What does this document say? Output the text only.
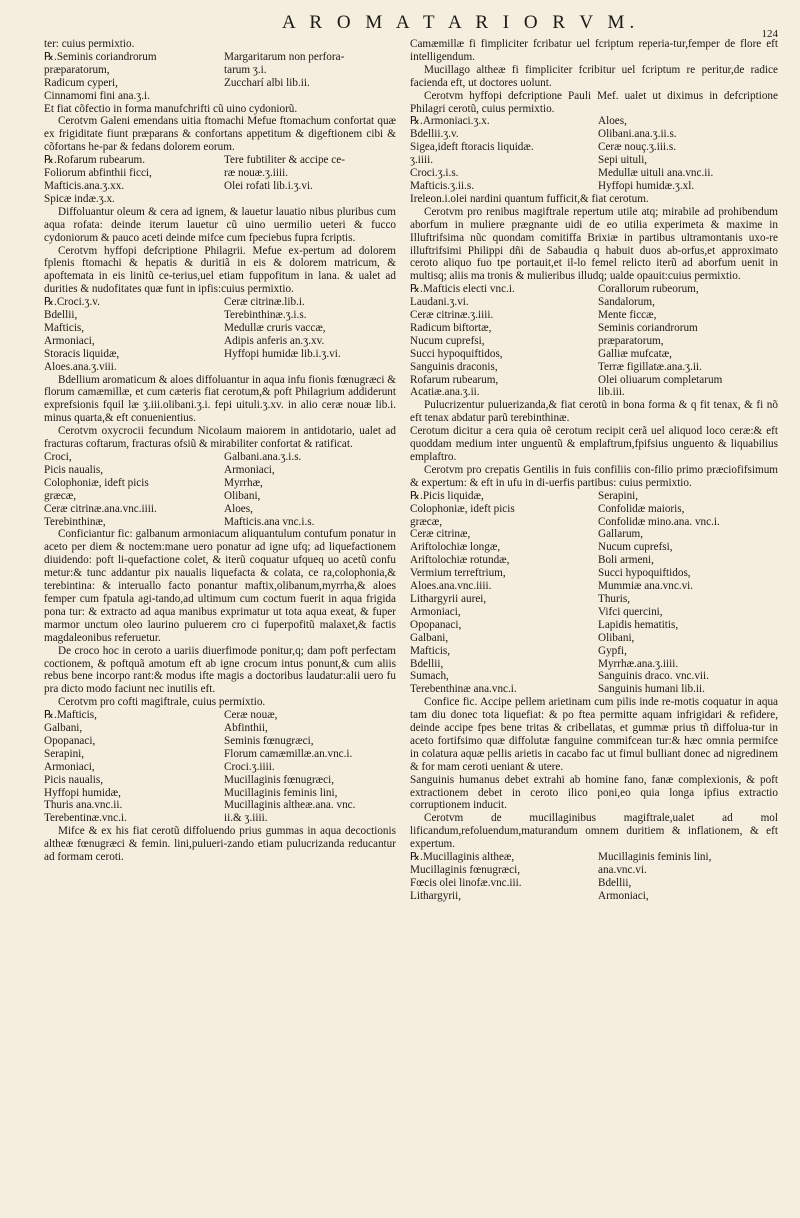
A R O M A T A R I O R V M.
124

ter: cuius permixtio.

℞.Seminis coriandrorum	Margaritarum non perfora-
præparatorum,	tarum ʒ.i.
Radicum cyperi,	Zuccharí albi lib.ii.
Cinnamomi fini ana.ʒ.i.

Et fiat cõfectio in forma manufchrifti cũ uino cydoniorũ.

Cerotvm Galeni emendans uitia ftomachi Mefue ftomachum confortat quæ ex frigiditate fiunt præparans & confortans appetitum & digeftionem cibi & cõfortans he-par & fedans dolorem eorum.

℞.Rofarum rubearum.	Tere fubtiliter & accipe ce-
Foliorum abfinthii ficci,	ræ nouæ.ʒ.iiii.
Mafticis.ana.ʒ.xx.	Olei rofati lib.i.ʒ.vi.
Spicæ indæ.ʒ.x.

Diffoluantur oleum & cera ad ignem, & lauetur lauatio nibus pluribus cum aqua rofata: deinde iterum lauetur cũ uino uermilio ueteri & fucco cydoniorum & pauco aceti deinde mifce cum fpeciebus fupra fcriptis.

Cerotvm hyffopi defcriptione Philagrii. Mefue ex-pertum ad dolorem fplenis ftomachi & hepatis & duritiã in eis & dolorem matricum, & apoftemata in eis linitũ ce-terius,uel etiam fuppofitum in lana. & ualet ad durities & nudofitates quæ funt in ipfis:cuius permixtio.

℞.Croci.ʒ.v.	Ceræ citrinæ.lib.i.
Bdellii,	Terebinthinæ.ʒ.i.s.
Mafticis,	Medullæ cruris vaccæ,
Armoniaci,	Adipis anferis an.ʒ.xv.
Storacis liquidæ,	Hyffopi humidæ lib.i.ʒ.vi.
Aloes.ana.ʒ.viii.

Bdellium aromaticum & aloes diffoluantur in aqua infu fionis fœnugræci & florum camæmillæ, et cum cæteris fiat cerotum,& poft Philagrium addiderunt exprefsionis fquil læ ʒ.iii.olibani.ʒ.i. fepi uituli.ʒ.xv. in alio ceræ nouæ lib.i. minus quarta,& eft conuenientius.

Cerotvm oxycrocii fecundum Nicolaum maiorem in antidotario, ualet ad fracturas coftarum, fracturas ofsiũ & mirabiliter confortat & ratificat.

Croci,	Galbani.ana.ʒ.i.s.
Picis naualis,	Armoniaci,
Colophoniæ, ideft picis	Myrrhæ,
græcæ,	Olibani,
Ceræ citrinæ.ana.vnc.iiii.	Aloes,
Terebinthinæ,	Mafticis.ana vnc.i.s.

Conficiantur fic: galbanum armoniacum aliquantulum contufum ponatur in aceto per diem & noctem:mane uero ponatur ad igne ufq; ad liquefactionem diuidendo: poft li-quefactione colet, & iterũ coquatur ufqueq uo acetũ confu metur:& tunc addantur pix naualis liquefacta & colata, ce ra,colophonia,& terebintina: & interuallo facto ponantur maftix,olibanum,myrrha,& aloes femper cum fpatula agi-tando,ad ultimum cum coctum fuerit in aqua frigida pona tur: & extracto ad aqua manibus exprimatur ut tota aqua exeat, & fuper marmor unctum oleo laurino puluerem cro ci fuperpofitũ malaxet,& factis magdaleonibus referuetur.

De croco hoc in ceroto a uariis diuerfimode ponitur,q; dam poft perfectam coctionem, & poftquã amotum eft ab igne crocum intus ponunt,& cum aliis rebus bene incorpo rant:& modus ifte magis a doctoribus laudatur:alii uero fu pra dicto modo faciunt nec inutilis eft.

Cerotvm pro cofti magiftrale, cuius permixtio.

℞.Mafticis,	Ceræ nouæ,
Galbani,	Abfinthii,
Opopanaci,	Seminis fœnugræci,
Serapini,	Florum camæmillæ.an.vnc.i.
Armoniaci,	Croci.ʒ.iiii.
Picis naualis,	Mucillaginis fœnugræci,
Hyffopi humidæ,	Mucillaginis feminis lini,
Thuris ana.vnc.ii.	Mucillaginis altheæ.ana. vnc.
Terebentinæ.vnc.i.	ii.& ʒ.iiii.

Mifce & ex his fiat cerotũ diffoluendo prius gummas in aqua decoctionis altheæ fœnugræci & femin. lini,pulueri-zando etiam pulucrizanda reducantur ad formam ceroti.

Camæmillæ fi fimpliciter fcribatur uel fcriptum reperia-tur,femper de flore eft intelligendum.

Mucillago altheæ fi fimpliciter fcribitur uel fcriptum re peritur,de radice facienda eft, ut doctores uolunt.

Cerotvm hyffopi defcriptione Pauli Mef. ualet ut diximus in defcriptione Philagri cerotũ, cuius permixtio.

℞.Armoniaci.ʒ.x.	Aloes,
Bdellii.ʒ.v.	Olibani.ana.ʒ.ii.s.
Sigea,ideft ftoracis liquidæ.	Ceræ nouç.ʒ.iii.s.
ʒ.iiii.	Sepi uituli,
Croci.ʒ.i.s.	Medullæ uituli ana.vnc.ii.
Mafticis.ʒ.ii.s.	Hyffopi humidæ.ʒ.xl.

Ireleon.i.olei nardini quantum fufficit,& fiat cerotum.

Cerotvm pro renibus magiftrale repertum utile atq; mirabile ad prohibendum aborfum in muliere prægnante uidi de eo utilia experimeta & maxime in Illuftrifsima nũc quondam comitiffa Brixiæ in partibus ultramontanis uxo-re illuftrifsimi Philippi dñi de Sabaudia q habuit duos ab-orfus,et approximato ceroto aliquo fuo tpe portauit,et il-lo femel relicto iterũ ad aborfum uenit in multisq; aliis ma tronis & mulieribus illudq; ualde opauit:cuius permixtio.

℞.Mafticis electi vnc.i.	Corallorum rubeorum,
Laudani.ʒ.vi.	Sandalorum,
Ceræ citrinæ.ʒ.iiii.	Mente ficcæ,
Radicum biftortæ,	Seminis coriandrorum
Nucum cuprefsi,	præparatorum,
Succi hypoquiftidos,	Galliæ mufcatæ,
Sanguinis draconis,	Terræ figillatæ.ana.ʒ.ii.
Rofarum rubearum,	Olei oliuarum completarum
Acatiæ.ana.ʒ.ii.	lib.iii.

Pulucrizentur puluerizanda,& fiat cerotũ in bona forma & q fit tenax, & fi nõ eft tenax abdatur parũ terebinthinæ.

Cerotum dicitur a cera quia oẽ cerotum recipit cerã uel aliquod loco ceræ:& eft quoddam medium inter unguentũ & emplaftrum,fpifsius unguento & liquabilius emplaftro.

Cerotvm pro crepatis Gentilis in fuis confiliis con-filio primo præciofifsimum & expertum: & eft in ufu in di-uerfis partibus: cuius permixtio.

℞.Picis liquidæ,	Serapini,
Colophoniæ, ideft picis	Confolidæ maioris,
græcæ,	Confolidæ mino.ana. vnc.i.
Ceræ citrinæ,	Gallarum,
Ariftolochiæ longæ,	Nucum cuprefsi,
Ariftolochiæ rotundæ,	Boli armeni,
Vermium terreftrium,	Succi hypoquiftidos,
Aloes.ana.vnc.iiii.	Mummiæ ana.vnc.vi.
Lithargyrii aurei,	Thuris,
Armoniaci,	Vifci quercini,
Opopanaci,	Lapidis hematitis,
Galbani,	Olibani,
Mafticis,	Gypfi,
Bdellii,	Myrrhæ.ana.ʒ.iiii.
Sumach,	Sanguinis draco. vnc.vii.
Terebenthinæ ana.vnc.i.	Sanguinis humani lib.ii.

Confice fic. Accipe pellem arietinam cum pilis inde re-motis coquatur in aqua tam diu donec tota liquefiat: & po ftea permitte aquam infrigidari & refidere, deinde accipe fpes bene tritas & cribellatas, et gummæ prius tñ diffolua-tur in aceto fortifsimo quæ diffolutæ fanguine commifcean tur:& hæc omnia permifce in colatura aquæ pellis arietis in cacabo fac ut fimul bulliant donec ad nigredinem & for mam ceroti ueniant & utere.

Sanguinis humanus debet extrahi ab homine fano, fanæ complexionis, & poft extractionem debet in ceroto ilico poni,eo quia longa ipfius extractio corruptionem inducit.

Cerotvm de mucillaginibus magiftrale,ualet ad mol lificandum,refoluendum,maturandum omnem duritiem & inflationem, & eft expertum.

℞.Mucillaginis altheæ,	Mucillaginis feminis lini,
Mucillaginis fœnugræci,	ana.vnc.vi.
Fœcis olei linofæ.vnc.iii.	Bdellii,
Lithargyrii,	Armoniaci,
